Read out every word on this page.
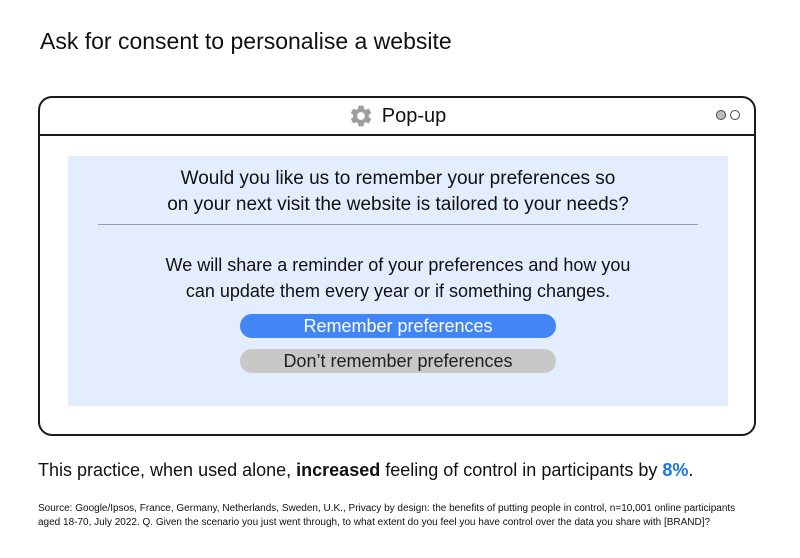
Ask for consent to personalise a website
Pop-up
Would you like us to remember your preferences so
on your next visit the website is tailored to your needs?
We will share a reminder of your preferences and how you
can update them every year or if something changes.
Remember preferences
Don’t remember preferences
This practice, when used alone, increased feeling of control in participants by 8%.
Source: Google/Ipsos, France, Germany, Netherlands, Sweden, U.K., Privacy by design: the benefits of putting people in control, n=10,001 online participants
aged 18-70, July 2022. Q. Given the scenario you just went through, to what extent do you feel you have control over the data you share with [BRAND]?
